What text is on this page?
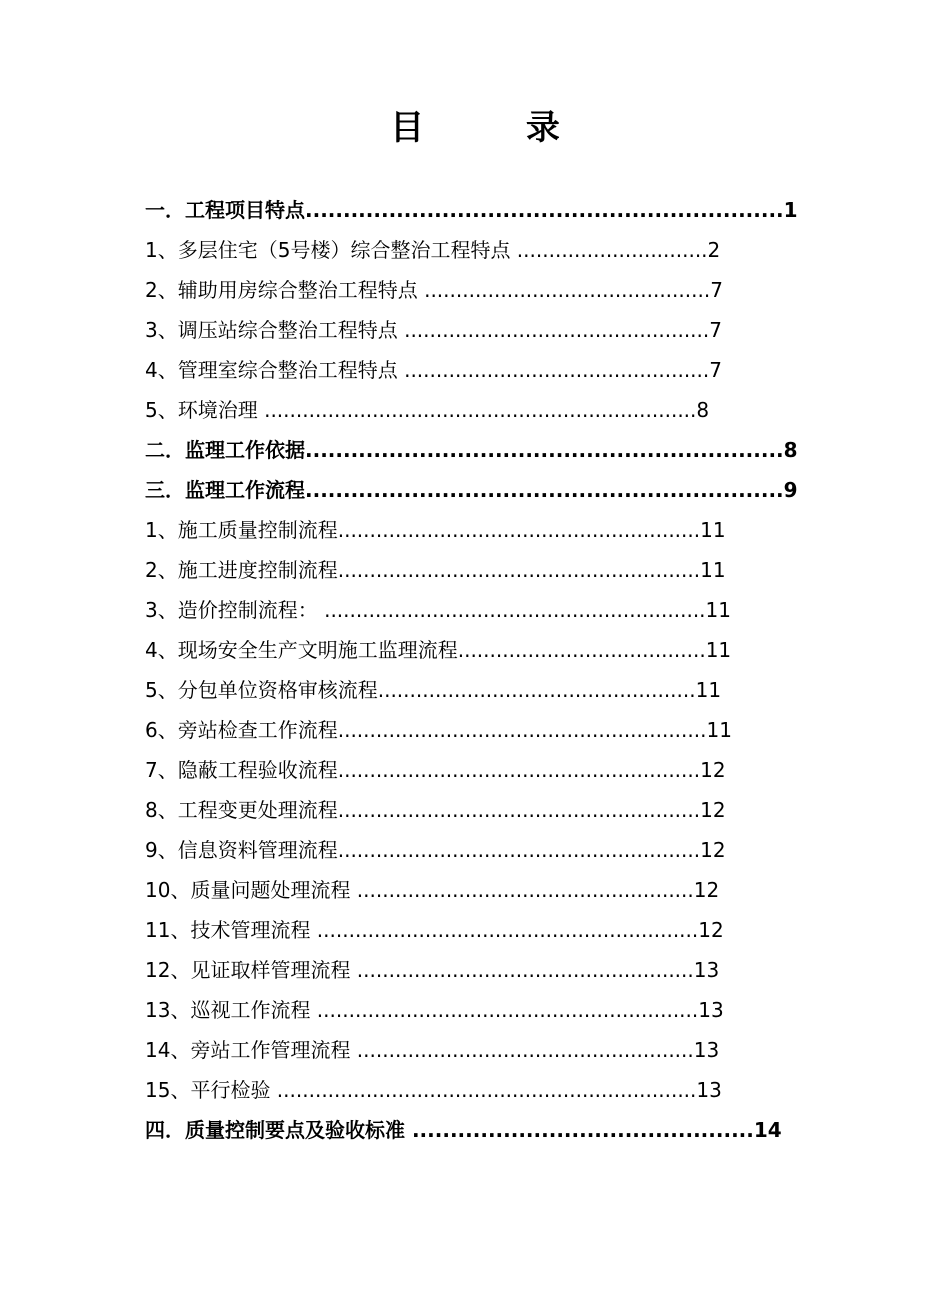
目  录
一．工程项目特点...............................................................1
1、多层住宅（5号楼）综合整治工程特点 ..............................2
2、辅助用房综合整治工程特点 .............................................7
3、调压站综合整治工程特点 ................................................7
4、管理室综合整治工程特点 ................................................7
5、环境治理 ....................................................................8
二．监理工作依据...............................................................8
三．监理工作流程...............................................................9
1、施工质量控制流程.........................................................11
2、施工进度控制流程.........................................................11
3、造价控制流程： ............................................................11
4、现场安全生产文明施工监理流程.......................................11
5、分包单位资格审核流程..................................................11
6、旁站检查工作流程..........................................................11
7、隐蔽工程验收流程.........................................................12
8、工程变更处理流程.........................................................12
9、信息资料管理流程.........................................................12
10、质量问题处理流程 .....................................................12
11、技术管理流程 ............................................................12
12、见证取样管理流程 .....................................................13
13、巡视工作流程 ............................................................13
14、旁站工作管理流程 .....................................................13
15、平行检验 ..................................................................13
四．质量控制要点及验收标准 .............................................14
